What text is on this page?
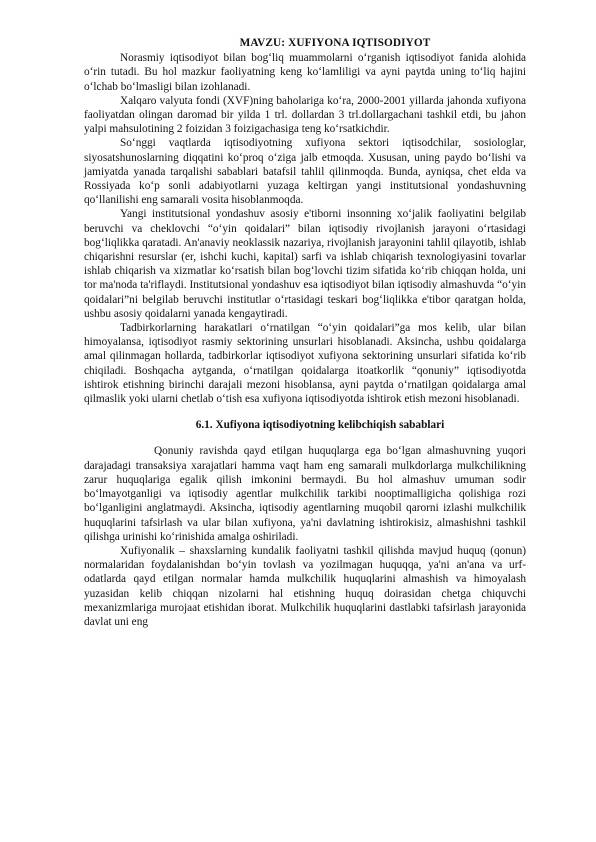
MAVZU: XUFIYONA IQTISODIYOT

Norasmiy iqtisodiyot bilan bog‘liq muammolarni o‘rganish iqtisodiyot fanida alohida o‘rin tutadi. Bu hol mazkur faoliyatning keng ko‘lamliligi va ayni paytda uning to‘liq hajini o‘lchab bo‘lmasligi bilan izohlanadi.

Xalqaro valyuta fondi (XVF)ning baholariga ko‘ra, 2000-2001 yillarda jahonda xufiyona faoliyatdan olingan daromad bir yilda 1 trl. dollardan 3 trl.dollargachani tashkil etdi, bu jahon yalpi mahsulotining 2 foizidan 3 foizigachasiga teng ko‘rsatkichdir.

So‘nggi vaqtlarda iqtisodiyotning xufiyona sektori iqtisodchilar, sosiologlar, siyosatshunoslarning diqqatini ko‘proq o‘ziga jalb etmoqda. Xususan, uning paydo bo‘lishi va jamiyatda yanada tarqalishi sabablari batafsil tahlil qilinmoqda. Bunda, ayniqsa, chet elda va Rossiyada ko‘p sonli adabiyotlarni yuzaga keltirgan yangi institutsional yondashuvning qo‘llanilishi eng samarali vosita hisoblanmoqda.

Yangi institutsional yondashuv asosiy e'tiborni insonning xo‘jalik faoliyatini belgilab beruvchi va cheklovchi “o‘yin qoidalari” bilan iqtisodiy rivojlanish jarayoni o‘rtasidagi bog‘liqlikka qaratadi. An'anaviy neoklassik nazariya, rivojlanish jarayonini tahlil qilayotib, ishlab chiqarishni resurslar (er, ishchi kuchi, kapital) sarfi va ishlab chiqarish texnologiyasini tovarlar ishlab chiqarish va xizmatlar ko‘rsatish bilan bog‘lovchi tizim sifatida ko‘rib chiqqan holda, uni tor ma'noda ta'riflaydi. Institutsional yondashuv esa iqtisodiyot bilan iqtisodiy almashuvda “o‘yin qoidalari”ni belgilab beruvchi institutlar o‘rtasidagi teskari bog‘liqlikka e'tibor qaratgan holda, ushbu asosiy qoidalarni yanada kengaytiradi.

Tadbirkorlarning harakatlari o‘rnatilgan “o‘yin qoidalari”ga mos kelib, ular bilan himoyalansa, iqtisodiyot rasmiy sektorining unsurlari hisoblanadi. Aksincha, ushbu qoidalarga amal qilinmagan hollarda, tadbirkorlar iqtisodiyot xufiyona sektorining unsurlari sifatida ko‘rib chiqiladi. Boshqacha aytganda, o‘rnatilgan qoidalarga itoatkorlik “qonuniy” iqtisodiyotda ishtirok etishning birinchi darajali mezoni hisoblansa, ayni paytda o‘rnatilgan qoidalarga amal qilmaslik yoki ularni chetlab o‘tish esa xufiyona iqtisodiyotda ishtirok etish mezoni hisoblanadi.

6.1. Xufiyona iqtisodiyotning kelibchiqish sabablari

Qonuniy ravishda qayd etilgan huquqlarga ega bo‘lgan almashuvning yuqori darajadagi transaksiya xarajatlari hamma vaqt ham eng samarali mulkdorlarga mulkchilikning zarur huquqlariga egalik qilish imkonini bermaydi. Bu hol almashuv umuman sodir bo‘lmayotganligi va iqtisodiy agentlar mulkchilik tarkibi nooptimalligicha qolishiga rozi bo‘lganligini anglatmaydi. Aksincha, iqtisodiy agentlarning muqobil qarorni izlashi mulkchilik huquqlarini tafsirlash va ular bilan xufiyona, ya'ni davlatning ishtirokisiz, almashishni tashkil qilishga urinishi ko‘rinishida amalga oshiriladi.

Xufiyonalik – shaxslarning kundalik faoliyatni tashkil qilishda mavjud huquq (qonun) normalaridan foydalanishdan bo‘yin tovlash va yozilmagan huquqqa, ya'ni an'ana va urf-odatlarda qayd etilgan normalar hamda mulkchilik huquqlarini almashish va himoyalash yuzasidan kelib chiqqan nizolarni hal etishning huquq doirasidan chetga chiquvchi mexanizmlariga murojaat etishidan iborat. Mulkchilik huquqlarini dastlabki tafsirlash jarayonida davlat uni eng
